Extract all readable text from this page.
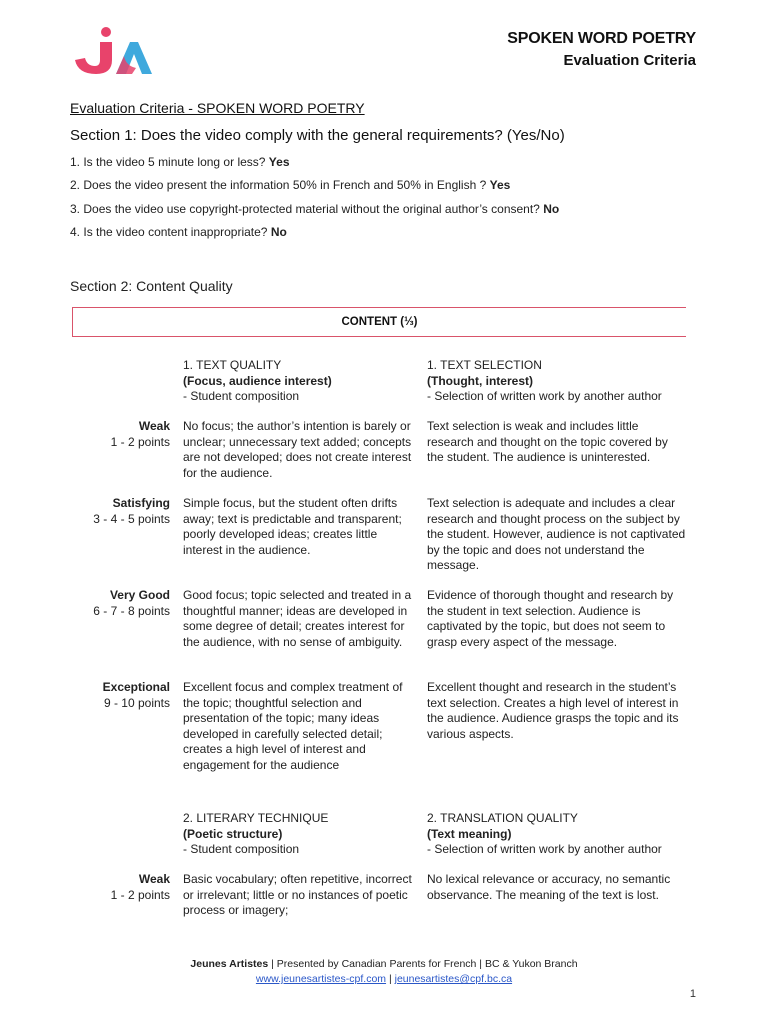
SPOKEN WORD POETRY
Evaluation Criteria
Evaluation Criteria - SPOKEN WORD POETRY
Section 1: Does the video comply with the general requirements? (Yes/No)
1. Is the video 5 minute long or less? Yes
2. Does the video present the information 50% in French and 50% in English ? Yes
3. Does the video use copyright-protected material without the original author’s consent? No
4. Is the video content inappropriate? No
Section 2: Content Quality
CONTENT (⅓)
1. TEXT QUALITY
(Focus, audience interest)
- Student composition
1. TEXT SELECTION
(Thought, interest)
- Selection of written work by another author
Weak
1 - 2 points
No focus; the author’s intention is barely or unclear; unnecessary text added; concepts are not developed; does not create interest for the audience.
Text selection is weak and includes little research and thought on the topic covered by the student. The audience is uninterested.
Satisfying
3 - 4 - 5 points
Simple focus, but the student often drifts away; text is predictable and transparent; poorly developed ideas; creates little interest in the audience.
Text selection is adequate and includes a clear research and thought process on the subject by the student. However, audience is not captivated by the topic and does not understand the message.
Very Good
6 - 7 - 8 points
Good focus; topic selected and treated in a thoughtful manner; ideas are developed in some degree of detail; creates interest for the audience, with no sense of ambiguity.
Evidence of thorough thought and research by the student in text selection. Audience is captivated by the topic, but does not seem to grasp every aspect of the message.
Exceptional
9 - 10 points
Excellent focus and complex treatment of the topic; thoughtful selection and presentation of the topic; many ideas developed in carefully selected detail; creates a high level of interest and engagement for the audience
Excellent thought and research in the student’s text selection. Creates a high level of interest in the audience. Audience grasps the topic and its various aspects.
2. LITERARY TECHNIQUE
(Poetic structure)
- Student composition
2. TRANSLATION QUALITY
(Text meaning)
- Selection of written work by another author
Weak
1 - 2 points
Basic vocabulary; often repetitive, incorrect or irrelevant; little or no instances of poetic process or imagery;
No lexical relevance or accuracy, no semantic observance. The meaning of the text is lost.
Jeunes Artistes | Presented by Canadian Parents for French | BC & Yukon Branch
www.jeunesartistes-cpf.com | jeunesartistes@cpf.bc.ca
1
